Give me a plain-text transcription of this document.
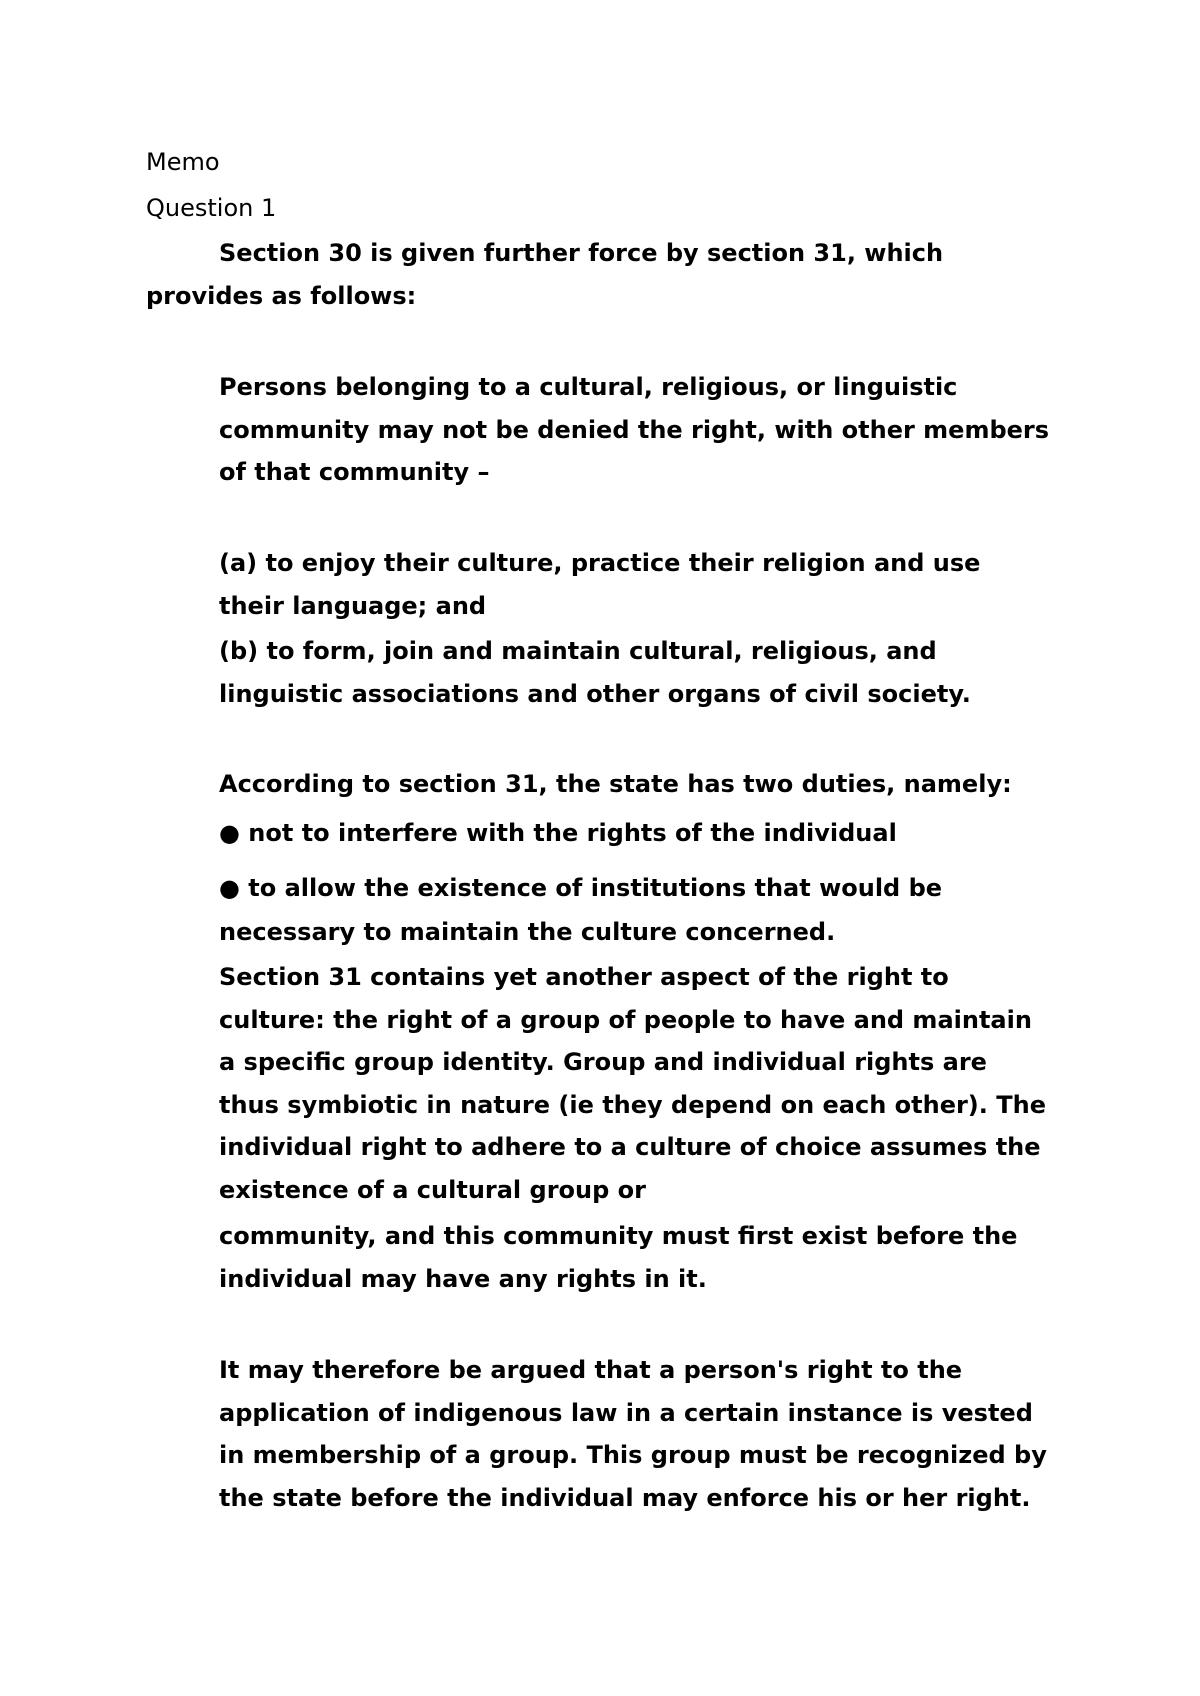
Memo

Question 1

Section 30 is given further force by section 31, which

provides as follows:

Persons belonging to a cultural, religious, or linguistic

community may not be denied the right, with other members

of that community –

(a) to enjoy their culture, practice their religion and use

their language; and

(b) to form, join and maintain cultural, religious, and

linguistic associations and other organs of civil society.

According to section 31, the state has two duties, namely:

● not to interfere with the rights of the individual

● to allow the existence of institutions that would be

necessary to maintain the culture concerned.

Section 31 contains yet another aspect of the right to

culture: the right of a group of people to have and maintain

a specific group identity. Group and individual rights are

thus symbiotic in nature (ie they depend on each other). The

individual right to adhere to a culture of choice assumes the

existence of a cultural group or

community, and this community must first exist before the

individual may have any rights in it.

It may therefore be argued that a person's right to the

application of indigenous law in a certain instance is vested

in membership of a group. This group must be recognized by

the state before the individual may enforce his or her right.
